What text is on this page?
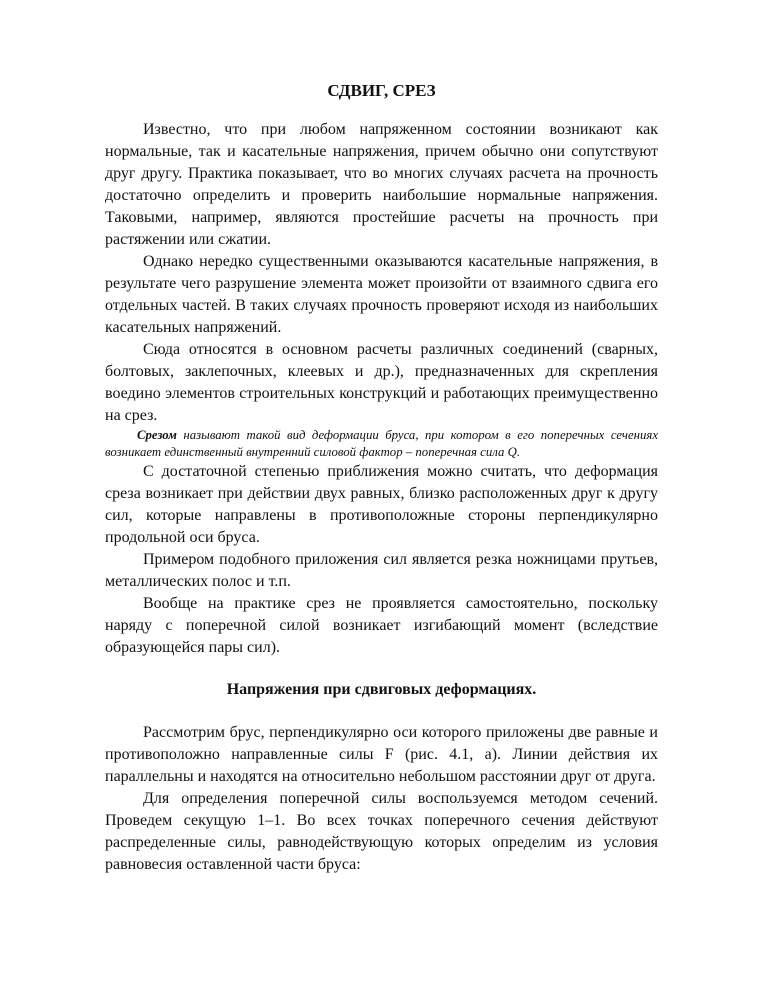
СДВИГ, СРЕЗ

Известно, что при любом напряженном состоянии возникают как нормальные, так и касательные напряжения, причем обычно они сопутствуют друг другу. Практика показывает, что во многих случаях расчета на прочность достаточно определить и проверить наибольшие нормальные напряжения. Таковыми, например, являются простейшие расчеты на прочность при растяжении или сжатии.

Однако нередко существенными оказываются касательные напряжения, в результате чего разрушение элемента может произойти от взаимного сдвига его отдельных частей. В таких случаях прочность проверяют исходя из наибольших касательных напряжений.

Сюда относятся в основном расчеты различных соединений (сварных, болтовых, заклепочных, клеевых и др.), предназначенных для скрепления воедино элементов строительных конструкций и работающих преимущественно на срез.

Срезом называют такой вид деформации бруса, при котором в его поперечных сечениях возникает единственный внутренний силовой фактор – поперечная сила Q.

С достаточной степенью приближения можно считать, что деформация среза возникает при действии двух равных, близко расположенных друг к другу сил, которые направлены в противоположные стороны перпендикулярно продольной оси бруса.

Примером подобного приложения сил является резка ножницами прутьев, металлических полос и т.п.

Вообще на практике срез не проявляется самостоятельно, поскольку наряду с поперечной силой возникает изгибающий момент (вследствие образующейся пары сил).

Напряжения при сдвиговых деформациях.

Рассмотрим брус, перпендикулярно оси которого приложены две равные и противоположно направленные силы F (рис. 4.1, а). Линии действия их параллельны и находятся на относительно небольшом расстоянии друг от друга.

Для определения поперечной силы воспользуемся методом сечений. Проведем секущую 1–1. Во всех точках поперечного сечения действуют распределенные силы, равнодействующую которых определим из условия равновесия оставленной части бруса:
